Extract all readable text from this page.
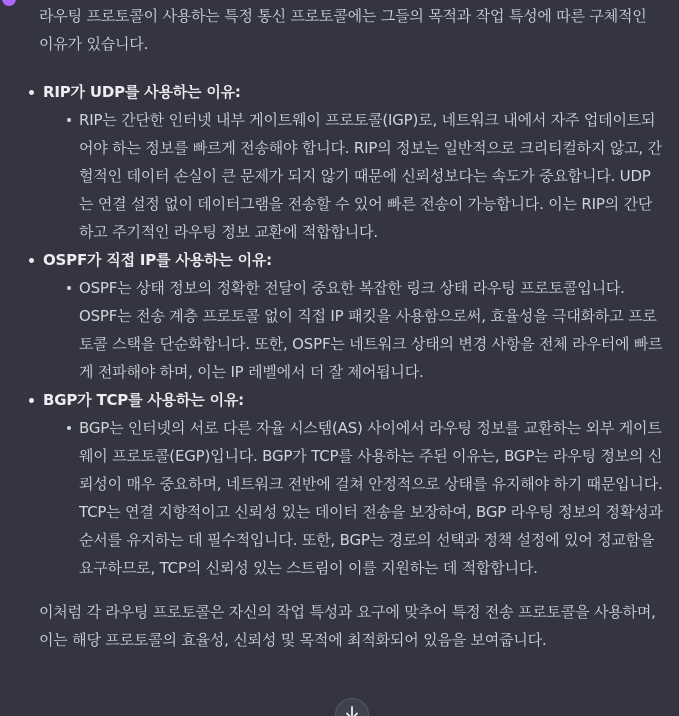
라우팅 프로토콜이 사용하는 특정 통신 프로토콜에는 그들의 목적과 작업 특성에 따른 구체적인 이유가 있습니다.

RIP가 UDP를 사용하는 이유:
RIP는 간단한 인터넷 내부 게이트웨이 프로토콜(IGP)로, 네트워크 내에서 자주 업데이트되어야 하는 정보를 빠르게 전송해야 합니다. RIP의 정보는 일반적으로 크리티컬하지 않고, 간헐적인 데이터 손실이 큰 문제가 되지 않기 때문에 신뢰성보다는 속도가 중요합니다. UDP는 연결 설정 없이 데이터그램을 전송할 수 있어 빠른 전송이 가능합니다. 이는 RIP의 간단하고 주기적인 라우팅 정보 교환에 적합합니다.
OSPF가 직접 IP를 사용하는 이유:
OSPF는 상태 정보의 정확한 전달이 중요한 복잡한 링크 상태 라우팅 프로토콜입니다. OSPF는 전송 계층 프로토콜 없이 직접 IP 패킷을 사용함으로써, 효율성을 극대화하고 프로토콜 스택을 단순화합니다. 또한, OSPF는 네트워크 상태의 변경 사항을 전체 라우터에 빠르게 전파해야 하며, 이는 IP 레벨에서 더 잘 제어됩니다.
BGP가 TCP를 사용하는 이유:
BGP는 인터넷의 서로 다른 자율 시스템(AS) 사이에서 라우팅 정보를 교환하는 외부 게이트웨이 프로토콜(EGP)입니다. BGP가 TCP를 사용하는 주된 이유는, BGP는 라우팅 정보의 신뢰성이 매우 중요하며, 네트워크 전반에 걸쳐 안정적으로 상태를 유지해야 하기 때문입니다. TCP는 연결 지향적이고 신뢰성 있는 데이터 전송을 보장하여, BGP 라우팅 정보의 정확성과 순서를 유지하는 데 필수적입니다. 또한, BGP는 경로의 선택과 정책 설정에 있어 정교함을 요구하므로, TCP의 신뢰성 있는 스트림이 이를 지원하는 데 적합합니다.

이처럼 각 라우팅 프로토콜은 자신의 작업 특성과 요구에 맞추어 특정 전송 프로토콜을 사용하며, 이는 해당 프로토콜의 효율성, 신뢰성 및 목적에 최적화되어 있음을 보여줍니다.
